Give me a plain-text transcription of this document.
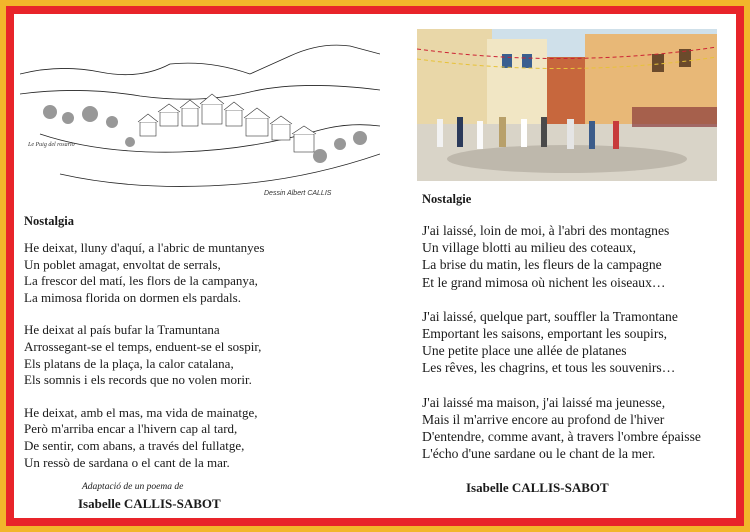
Le Puig del rosario
Dessin Albert CALLIS
Nostalgia
He deixat, lluny d'aquí, a l'abric de muntanyes
Un poblet amagat, envoltat de serrals,
La frescor del matí, les flors de la campanya,
La mimosa florida on dormen els pardals.
He deixat al país bufar la Tramuntana
Arrossegant-se el temps, enduent-se el sospir,
Els platans de la plaça, la calor catalana,
Els somnis i els records que no volen morir.
He deixat, amb el mas, ma vida de mainatge,
Però m'arriba encar a l'hivern cap al tard,
De sentir, com abans, a través del fullatge,
Un ressò de sardana o el cant de la mar.
Adaptació de un poema de
Isabelle CALLIS-SABOT
Nostalgie
J'ai laissé, loin de moi, à l'abri des montagnes
Un village blotti au milieu des coteaux,
La brise du matin, les fleurs de la campagne
Et le grand mimosa où nichent les oiseaux…
J'ai laissé, quelque part, souffler la Tramontane
Emportant les saisons, emportant les soupirs,
Une petite place une allée de platanes
Les rêves, les chagrins, et tous les souvenirs…
J'ai laissé ma maison, j'ai laissé ma jeunesse,
Mais il m'arrive encore au profond de l'hiver
D'entendre, comme avant, à travers l'ombre épaisse
L'écho d'une sardane ou le chant de la mer.
Isabelle CALLIS-SABOT
